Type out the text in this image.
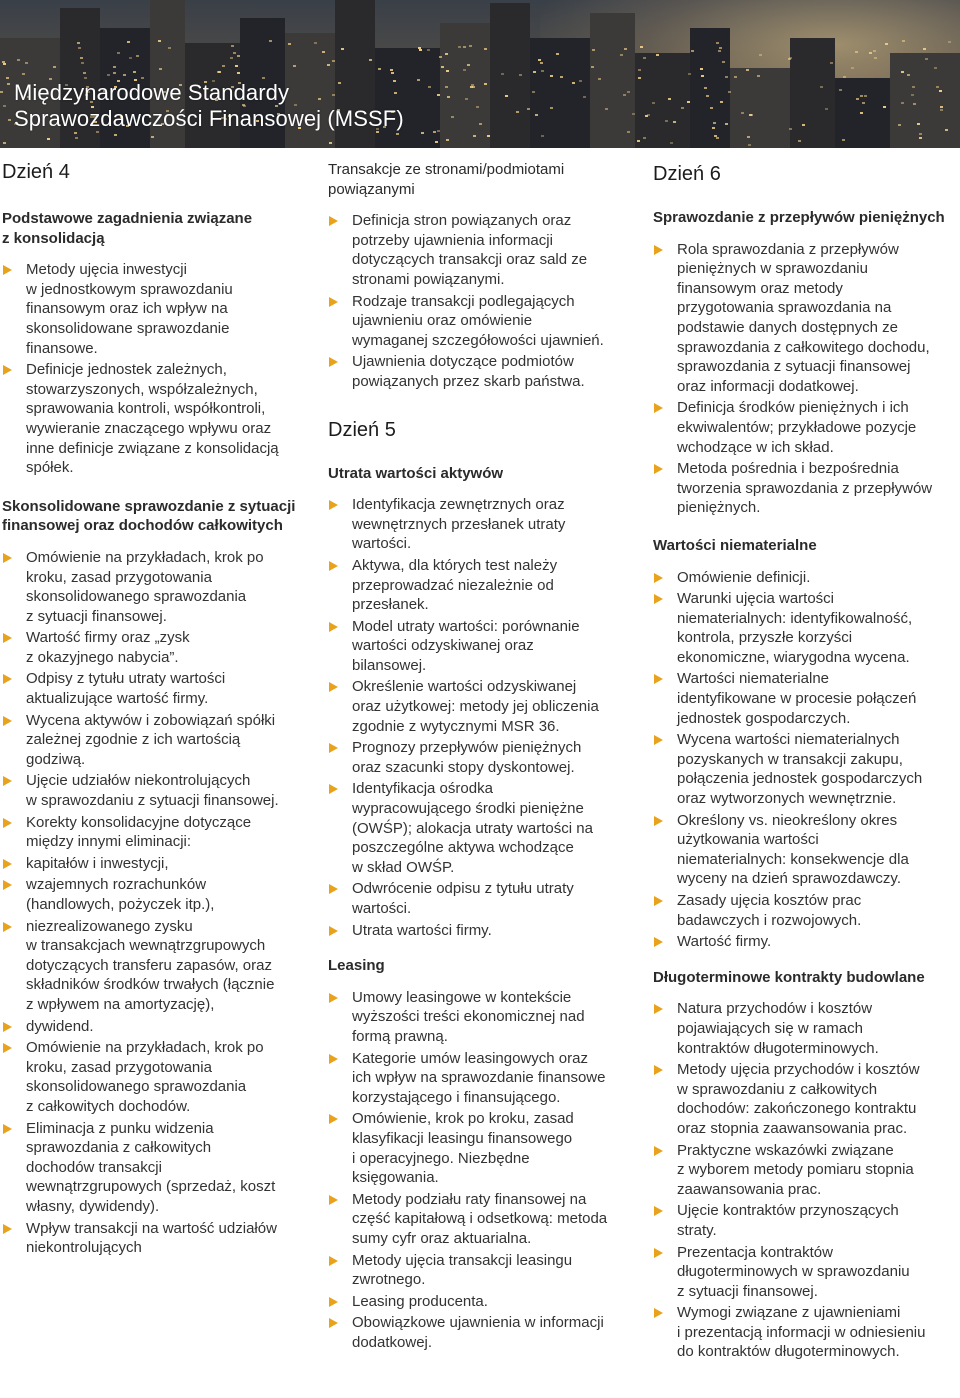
Międzynarodowe Standardy
Sprawozdawczości Finansowej (MSSF)
Dzień 4
Podstawowe zagadnienia związane
z konsolidacją
Metody ujęcia inwestycji
w jednostkowym sprawozdaniu
finansowym oraz ich wpływ na
skonsolidowane sprawozdanie
finansowe.
Definicje jednostek zależnych,
stowarzyszonych, współzależnych,
sprawowania kontroli, współkontroli,
wywieranie znaczącego wpływu oraz
inne definicje związane z konsolidacją
spółek.
Skonsolidowane sprawozdanie z sytuacji
finansowej oraz dochodów całkowitych
Omówienie na przykładach, krok po
kroku, zasad przygotowania
skonsolidowanego sprawozdania
z sytuacji finansowej.
Wartość firmy oraz „zysk
z okazyjnego nabycia”.
Odpisy z tytułu utraty wartości
aktualizujące wartość firmy.
Wycena aktywów i zobowiązań spółki
zależnej zgodnie z ich wartością
godziwą.
Ujęcie udziałów niekontrolujących
w sprawozdaniu z sytuacji finansowej.
Korekty konsolidacyjne dotyczące
między innymi eliminacji:
kapitałów i inwestycji,
wzajemnych rozrachunków
(handlowych, pożyczek itp.),
niezrealizowanego zysku
w transakcjach wewnątrzgrupowych
dotyczących transferu zapasów, oraz
składników środków trwałych (łącznie
z wpływem na amortyzację),
dywidend.
Omówienie na przykładach, krok po
kroku, zasad przygotowania
skonsolidowanego sprawozdania
z całkowitych dochodów.
Eliminacja z punku widzenia
sprawozdania z całkowitych
dochodów transakcji
wewnątrzgrupowych (sprzedaż, koszt
własny, dywidendy).
Wpływ transakcji na wartość udziałów
niekontrolujących
Transakcje ze stronami/podmiotami
powiązanymi
Definicja stron powiązanych oraz
potrzeby ujawnienia informacji
dotyczących transakcji oraz sald ze
stronami powiązanymi.
Rodzaje transakcji podlegających
ujawnieniu oraz omówienie
wymaganej szczegółowości ujawnień.
Ujawnienia dotyczące podmiotów
powiązanych przez skarb państwa.
Dzień 5
Utrata wartości aktywów
Identyfikacja zewnętrznych oraz
wewnętrznych przesłanek utraty
wartości.
Aktywa, dla których test należy
przeprowadzać niezależnie od
przesłanek.
Model utraty wartości: porównanie
wartości odzyskiwanej oraz
bilansowej.
Określenie wartości odzyskiwanej
oraz użytkowej: metody jej obliczenia
zgodnie z wytycznymi MSR 36.
Prognozy przepływów pieniężnych
oraz szacunki stopy dyskontowej.
Identyfikacja ośrodka
wypracowującego środki pieniężne
(OWŚP); alokacja utraty wartości na
poszczególne aktywa wchodzące
w skład OWŚP.
Odwrócenie odpisu z tytułu utraty
wartości.
Utrata wartości firmy.
Leasing
Umowy leasingowe w kontekście
wyższości treści ekonomicznej nad
formą prawną.
Kategorie umów leasingowych oraz
ich wpływ na sprawozdanie finansowe
korzystającego i finansującego.
Omówienie, krok po kroku, zasad
klasyfikacji leasingu finansowego
i operacyjnego. Niezbędne
księgowania.
Metody podziału raty finansowej na
część kapitałową i odsetkową: metoda
sumy cyfr oraz aktuarialna.
Metody ujęcia transakcji leasingu
zwrotnego.
Leasing producenta.
Obowiązkowe ujawnienia w informacji
dodatkowej.
Dzień 6
Sprawozdanie z przepływów pieniężnych
Rola sprawozdania z przepływów
pieniężnych w sprawozdaniu
finansowym oraz metody
przygotowania sprawozdania na
podstawie danych dostępnych ze
sprawozdania z całkowitego dochodu,
sprawozdania z sytuacji finansowej
oraz informacji dodatkowej.
Definicja środków pieniężnych i ich
ekwiwalentów; przykładowe pozycje
wchodzące w ich skład.
Metoda pośrednia i bezpośrednia
tworzenia sprawozdania z przepływów
pieniężnych.
Wartości niematerialne
Omówienie definicji.
Warunki ujęcia wartości
niematerialnych: identyfikowalność,
kontrola, przyszłe korzyści
ekonomiczne, wiarygodna wycena.
Wartości niematerialne
identyfikowane w procesie połączeń
jednostek gospodarczych.
Wycena wartości niematerialnych
pozyskanych w transakcji zakupu,
połączenia jednostek gospodarczych
oraz wytworzonych wewnętrznie.
Określony vs. nieokreślony okres
użytkowania wartości
niematerialnych: konsekwencje dla
wyceny na dzień sprawozdawczy.
Zasady ujęcia kosztów prac
badawczych i rozwojowych.
Wartość firmy.
Długoterminowe kontrakty budowlane
Natura przychodów i kosztów
pojawiających się w ramach
kontraktów długoterminowych.
Metody ujęcia przychodów i kosztów
w sprawozdaniu z całkowitych
dochodów: zakończonego kontraktu
oraz stopnia zaawansowania prac.
Praktyczne wskazówki związane
z wyborem metody pomiaru stopnia
zaawansowania prac.
Ujęcie kontraktów przynoszących
straty.
Prezentacja kontraktów
długoterminowych w sprawozdaniu
z sytuacji finansowej.
Wymogi związane z ujawnieniami
i prezentacją informacji w odniesieniu
do kontraktów długoterminowych.
